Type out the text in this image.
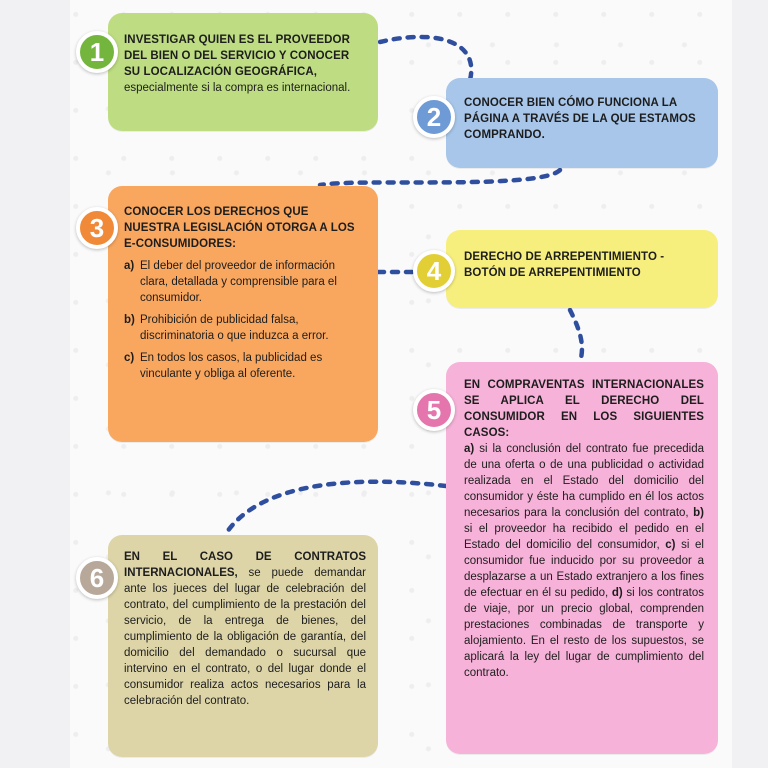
INVESTIGAR QUIEN ES EL PROVEEDOR DEL BIEN O DEL SERVICIO Y CONOCER SU LOCALIZACIÓN GEOGRÁFICA,
especialmente si la compra es internacional.
1
CONOCER BIEN CÓMO FUNCIONA LA PÁGINA A TRAVÉS DE LA QUE ESTAMOS COMPRANDO.
2
CONOCER LOS DERECHOS QUE NUESTRA LEGISLACIÓN OTORGA A LOS E-CONSUMIDORES:
a) El deber del proveedor de información clara, detallada y comprensible para el consumidor.
b) Prohibición de publicidad falsa, discriminatoria o que induzca a error.
c) En todos los casos, la publicidad es vinculante y obliga al oferente.
3
DERECHO DE ARREPENTIMIENTO - BOTÓN DE ARREPENTIMIENTO
4
EN COMPRAVENTAS INTERNACIONALES SE APLICA EL DERECHO DEL CONSUMIDOR EN LOS SIGUIENTES CASOS:
a) si la conclusión del contrato fue precedida de una oferta o de una publicidad o actividad realizada en el Estado del domicilio del consumidor y éste ha cumplido en él los actos necesarios para la conclusión del contrato, b) si el proveedor ha recibido el pedido en el Estado del domicilio del consumidor, c) si el consumidor fue inducido por su proveedor a desplazarse a un Estado extranjero a los fines de efectuar en él su pedido, d) si los contratos de viaje, por un precio global, comprenden prestaciones combinadas de transporte y alojamiento. En el resto de los supuestos, se aplicará la ley del lugar de cumplimiento del contrato.
5
EN EL CASO DE CONTRATOS INTERNACIONALES, se puede demandar ante los jueces del lugar de celebración del contrato, del cumplimiento de la prestación del servicio, de la entrega de bienes, del cumplimiento de la obligación de garantía, del domicilio del demandado o sucursal que intervino en el contrato, o del lugar donde el consumidor realiza actos necesarios para la celebración del contrato.
6
